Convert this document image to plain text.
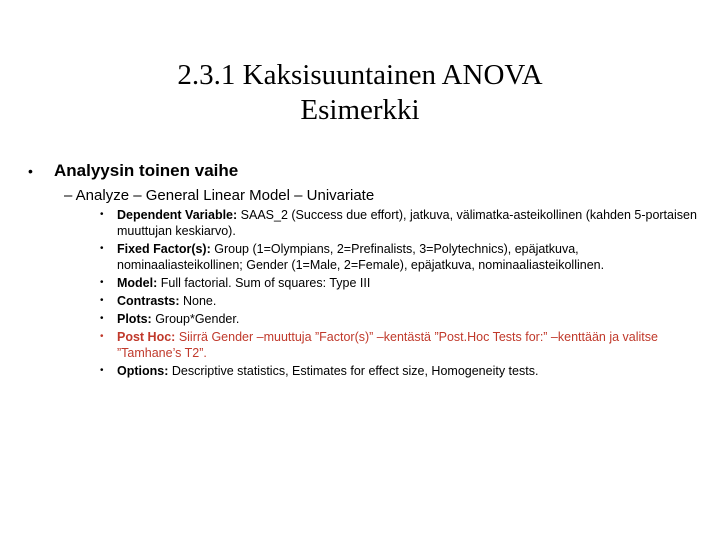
2.3.1 Kaksisuuntainen ANOVA
Esimerkki
• Analyysin toinen vaihe
– Analyze – General Linear Model – Univariate
• Dependent Variable: SAAS_2 (Success due effort), jatkuva, välimatka-asteikollinen (kahden 5-portaisen muuttujan keskiarvo).
• Fixed Factor(s): Group (1=Olympians, 2=Prefinalists, 3=Polytechnics), epäjatkuva, nominaaliasteikollinen; Gender (1=Male, 2=Female), epäjatkuva, nominaaliasteikollinen.
• Model: Full factorial. Sum of squares: Type III
• Contrasts: None.
• Plots: Group*Gender.
• Post Hoc: Siirrä Gender –muuttuja ”Factor(s)” –kentästä ”Post.Hoc Tests for:” –kenttään ja valitse ”Tamhane’s T2”.
• Options: Descriptive statistics, Estimates for effect size, Homogeneity tests.
